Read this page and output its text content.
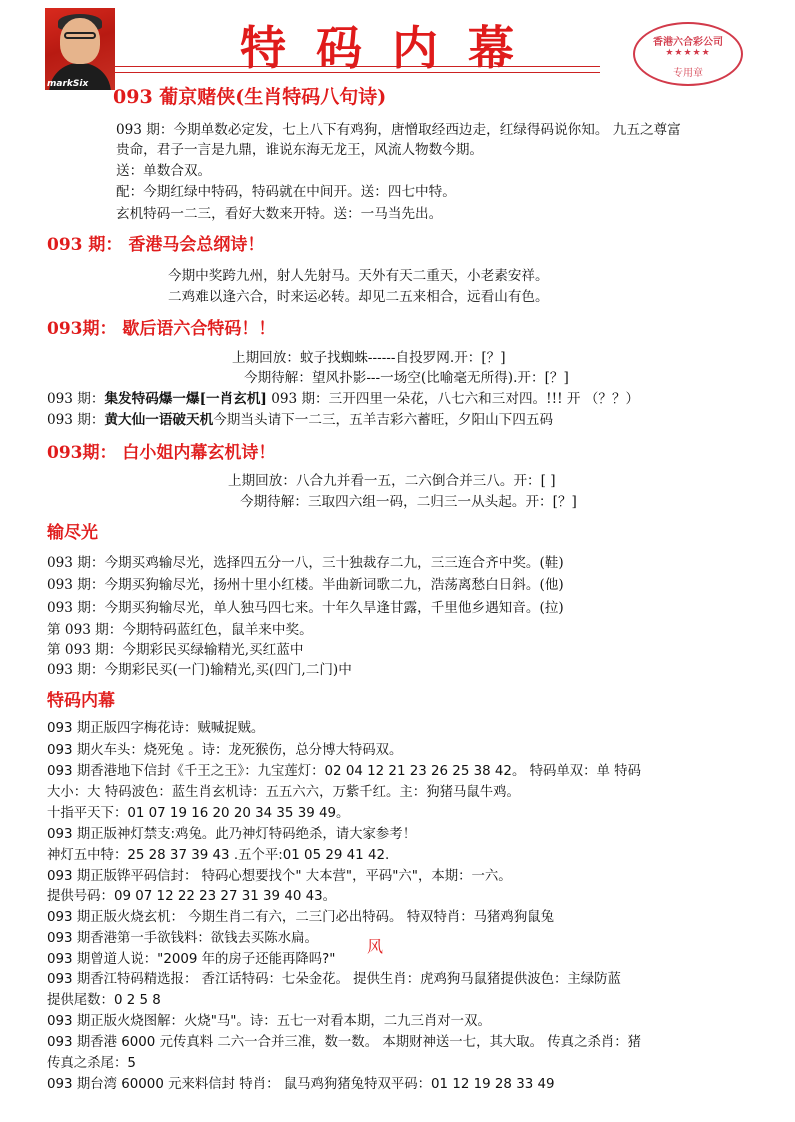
markSix
特码内幕	香港六合彩公司
★★★★★
专用章
093 葡京赌侠(生肖特码八句诗)
093 期：今期单数必定发，七上八下有鸡狗，唐憎取经西边走，红绿得码说你知。 九五之尊富
贵命，君子一言是九鼎，谁说东海无龙王，风流人物数今期。
送：单数合双。
配：今期红绿中特码，特码就在中间开。送：四七中特。
玄机特码一二三，看好大数来开特。送：一马当先出。
093 期： 香港马会总纲诗！
今期中奖跨九州，射人先射马。天外有天二重天，小老素安祥。
二鸡难以逢六合，时来运必转。却见二五来相合，远看山有色。
093期： 歇后语六合特码！！
上期回放：蚊子找蜘蛛------自投罗网.开：[？]
今期待解：望风扑影---一场空(比喻毫无所得).开：[？]
093 期：集发特码爆一爆[一肖玄机] 093 期：三开四里一朵花，八七六和三对四。!!! 开 （？？）
093 期：黄大仙一语破天机今期当头请下一二三，五羊吉彩六蓄旺，夕阳山下四五码
093期： 白小姐内幕玄机诗！
上期回放：八合九并看一五，二六倒合并三八。开：[ ]
今期待解：三取四六组一码，二归三一从头起。开：[？]
输尽光
093 期：今期买鸡输尽光，选择四五分一八，三十独裁存二九，三三连合齐中奖。(鞋)
093 期：今期买狗输尽光，扬州十里小红楼。半曲新词歌二九，浩荡离愁白日斜。(他)
093 期：今期买狗输尽光，单人独马四七来。十年久旱逢甘露，千里他乡遇知音。(拉)
第 093 期：今期特码蓝红色，鼠羊来中奖。
第 093 期：今期彩民买绿输精光,买红蓝中
093 期：今期彩民买(一门)输精光,买(四门,二门)中
特码内幕
093 期正版四字梅花诗：贼喊捉贼。
093 期火车头：烧死兔 。诗：龙死猴伤，总分博大特码双。
093 期香港地下信封《千王之王》：九宝莲灯：02 04 12 21 23 26 25 38 42。 特码单双：单 特码
大小：大 特码波色：蓝生肖玄机诗：五五六六，万紫千红。主：狗猪马鼠牛鸡。
十指平天下：01 07 19 16 20 20 34 35 39 49。
093 期正版神灯禁支:鸡兔。此乃神灯特码绝杀，请大家参考！
神灯五中特：25 28 37 39 43 .五个平:01 05 29 41 42.
093 期正版铧平码信封： 特码心想要找个" 大本营"，平码"六"，本期：一六。
提供号码：09 07 12 22 23 27 31 39 40 43。
093 期正版火烧玄机： 今期生肖二有六，二三门必出特码。 特双特肖：马猪鸡狗鼠兔
093 期香港第一手欲钱料：欲钱去买陈水扁。
093 期曾道人说："2009 年的房子还能再降吗?"
093 期香江特码精选报： 香江话特码：七朵金花。 提供生肖：虎鸡狗马鼠猪提供波色：主绿防蓝
提供尾数：0 2 5 8
093 期正版火烧图解：火烧"马"。诗：五七一对看本期，二九三肖对一双。
093 期香港 6000 元传真料 二六一合并三准，数一数。 本期财神送一七，其大取。 传真之杀肖：猪
传真之杀尾：5
093 期台湾 60000 元来料信封 特肖： 鼠马鸡狗猪兔特双平码：01 12 19 28 33 49
风
